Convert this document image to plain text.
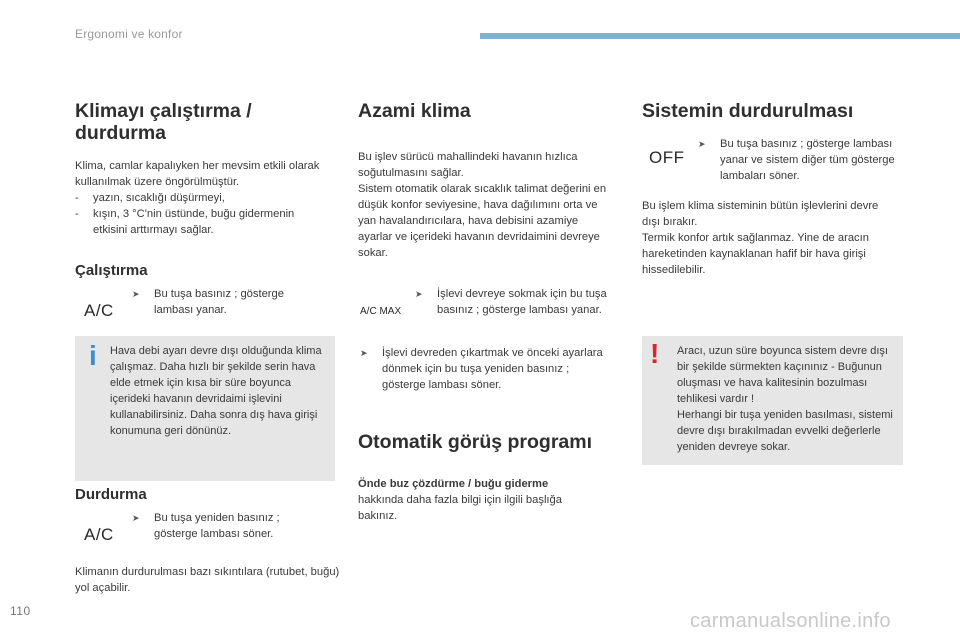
Ergonomi ve konfor
Klimayı çalıştırma / durdurma

Klima, camlar kapalıyken her mevsim etkili olarak kullanılmak üzere öngörülmüştür.

- yazın, sıcaklığı düşürmeyi,
- kışın, 3 °C'nin üstünde, buğu gidermenin etkisini arttırmayı sağlar.
Çalıştırma
A/C
➤ Bu tuşa basınız ; gösterge lambası yanar.
i Hava debi ayarı devre dışı olduğunda klima çalışmaz. Daha hızlı bir şekilde serin hava elde etmek için kısa bir süre boyunca içerideki havanın devridaimi işlevini kullanabilirsiniz. Daha sonra dış hava girişi konumuna geri dönünüz.

Durdurma
A/C
➤ Bu tuşa yeniden basınız ; gösterge lambası söner.

Klimanın durdurulması bazı sıkıntılara (rutubet, buğu) yol açabilir.

Azami klima

Bu işlev sürücü mahallindeki havanın hızlıca soğutulmasını sağlar.

Sistem otomatik olarak sıcaklık talimat değerini en düşük konfor seviyesine, hava dağılımını orta ve yan havalandırıcılara, hava debisini azamiye ayarlar ve içerideki havanın devridaimini devreye sokar.

A/C MAX
➤ İşlevi devreye sokmak için bu tuşa basınız ; gösterge lambası yanar.
➤ İşlevi devreden çıkartmak ve önceki ayarlara dönmek için bu tuşa yeniden basınız ; gösterge lambası söner.
Otomatik görüş programı

Önde buz çözdürme / buğu giderme
hakkında daha fazla bilgi için ilgili başlığa bakınız.

Sistemin durdurulması
OFF
➤ Bu tuşa basınız ; gösterge lambası yanar ve sistem diğer tüm gösterge lambaları söner.

Bu işlem klima sisteminin bütün işlevlerini devre dışı bırakır.

Termik konfor artık sağlanmaz. Yine de aracın hareketinden kaynaklanan hafif bir hava girişi hissedilebilir.

! Aracı, uzun süre boyunca sistem devre dışı bir şekilde sürmekten kaçınınız - Buğunun oluşması ve hava kalitesinin bozulması tehlikesi vardır !

Herhangi bir tuşa yeniden basılması, sistemi devre dışı bırakılmadan evvelki değerlerle yeniden devreye sokar.

110	carmanualsonline.info
